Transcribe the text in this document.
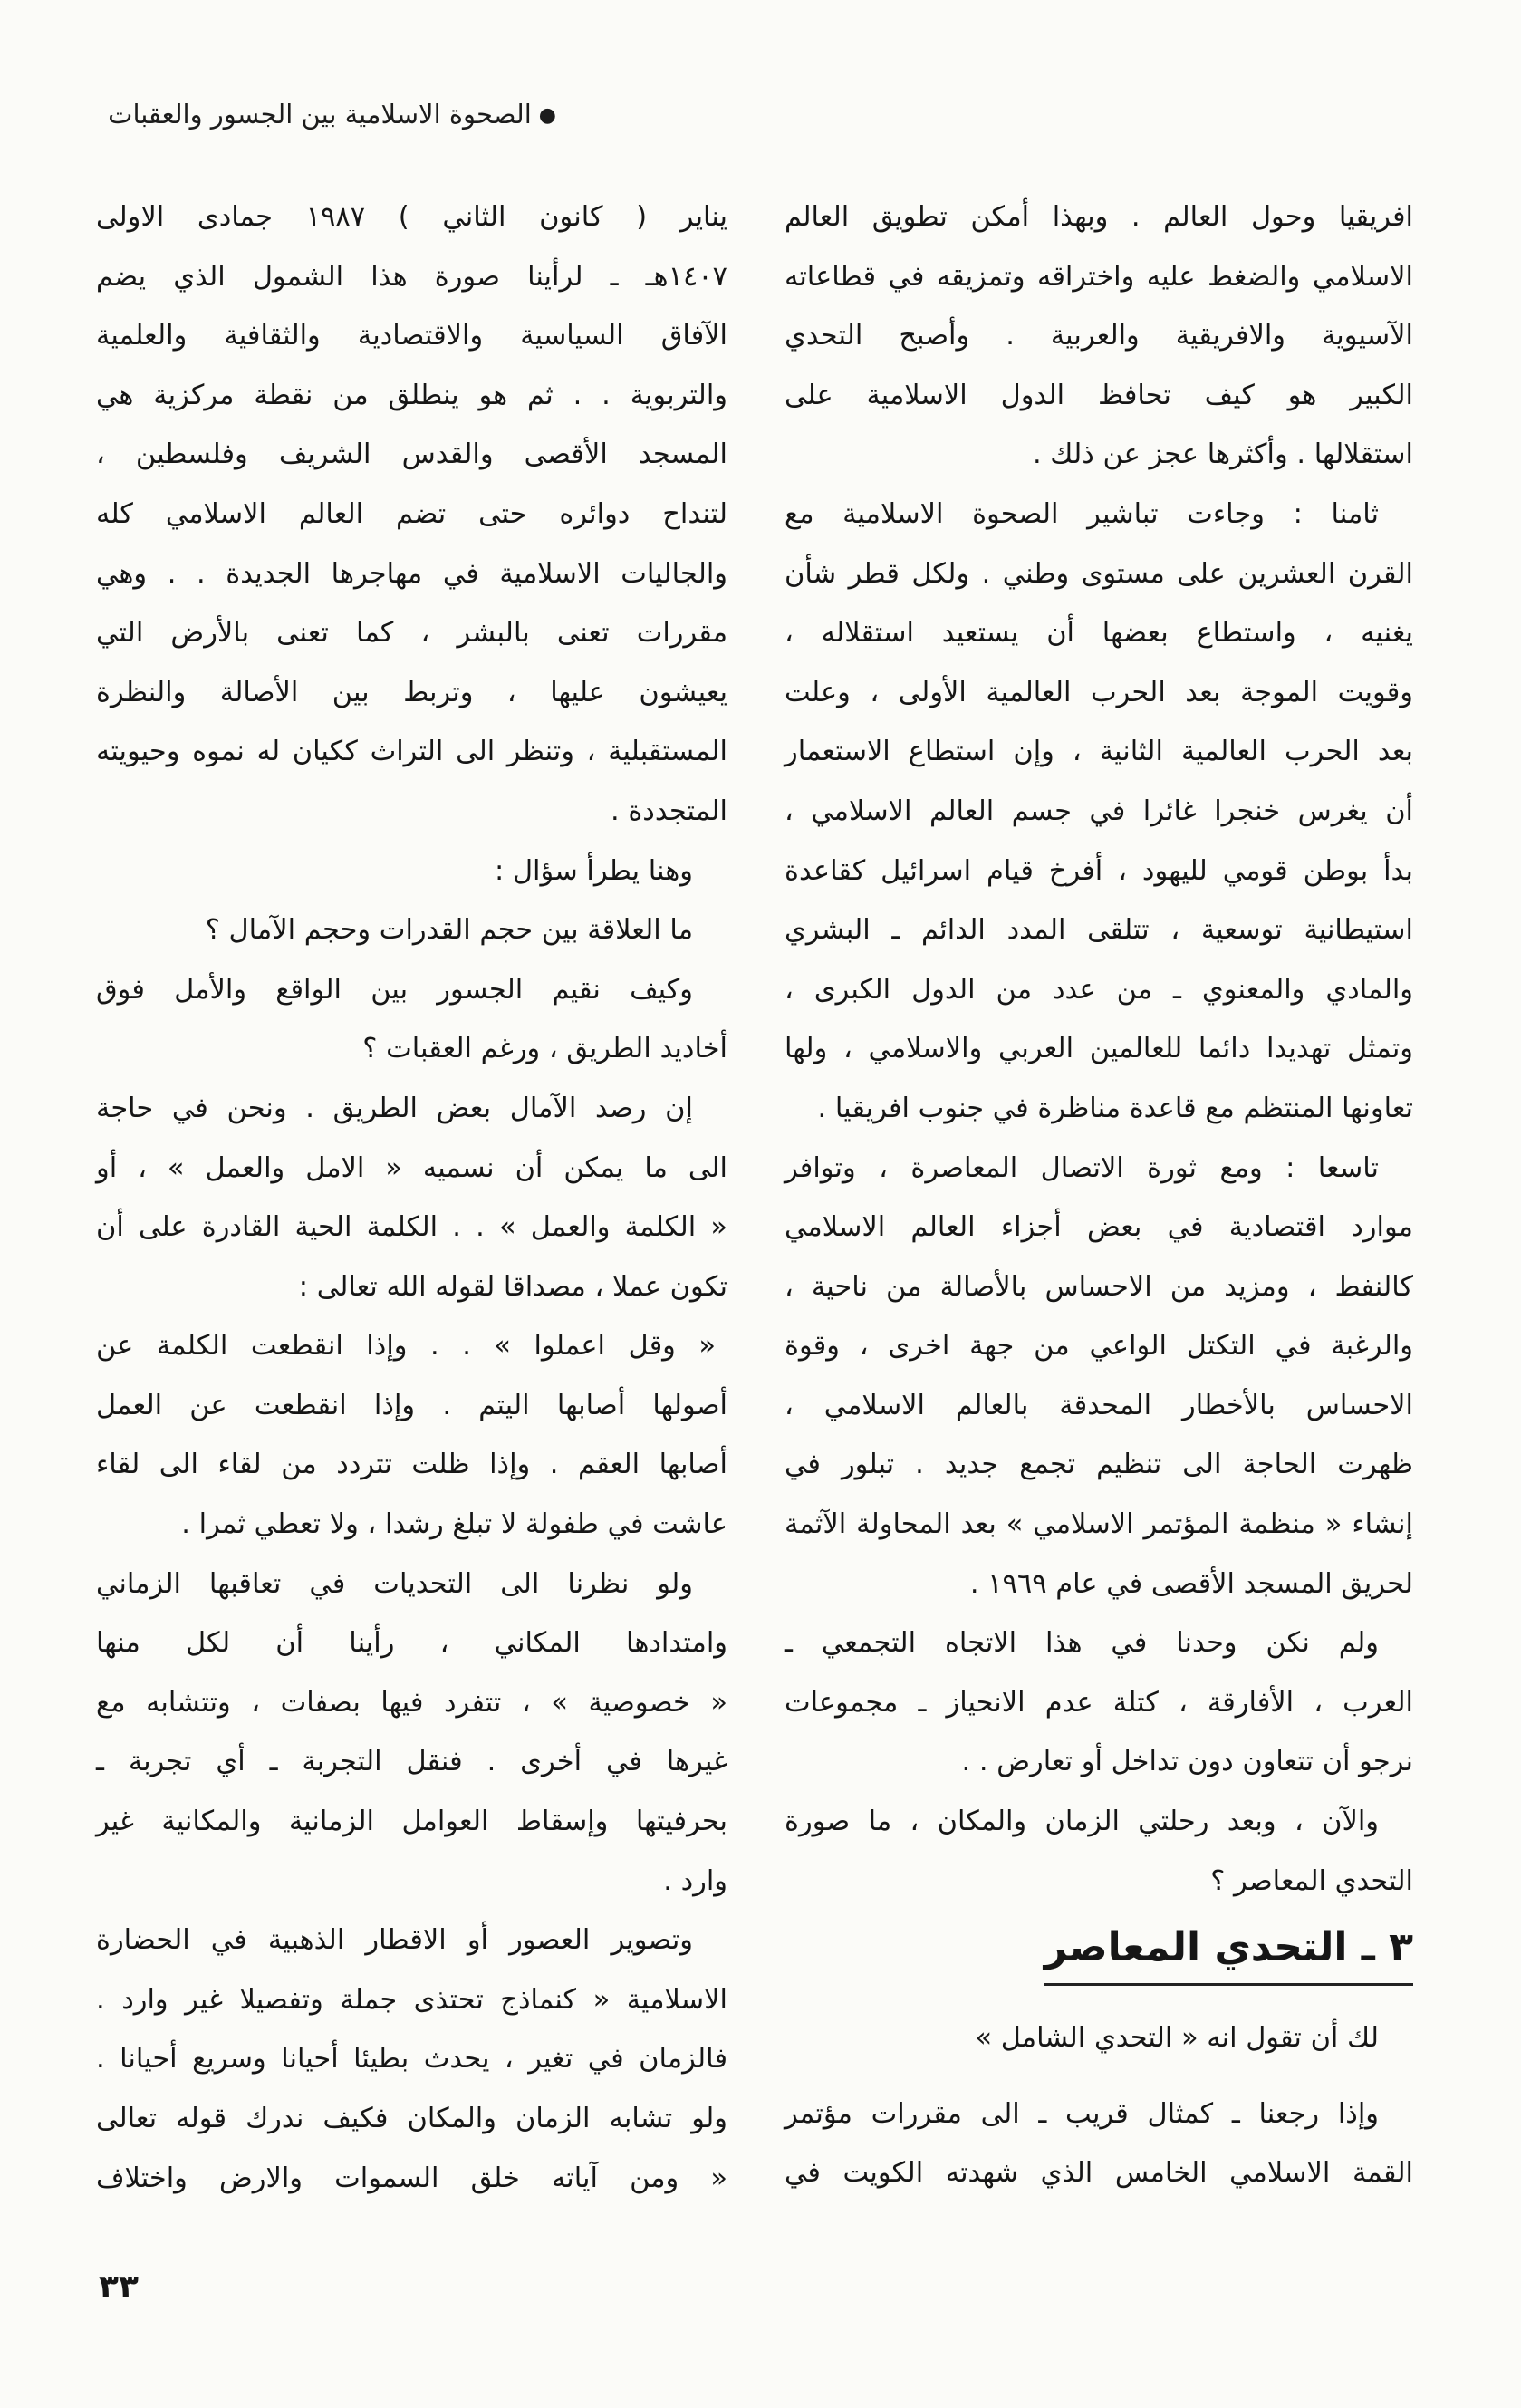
●الصحوة الاسلامية بين الجسور والعقبات
افريقيا وحول العالم . وبهذا أمكن تطويق العالم
الاسلامي والضغط عليه واختراقه وتمزيقه في قطاعاته
الآسيوية والافريقية والعربية . وأصبح التحدي
الكبير هو كيف تحافظ الدول الاسلامية على
استقلالها . وأكثرها عجز عن ذلك .
ثامنا : وجاءت تباشير الصحوة الاسلامية مع
القرن العشرين على مستوى وطني . ولكل قطر شأن
يغنيه ، واستطاع بعضها أن يستعيد استقلاله ،
وقويت الموجة بعد الحرب العالمية الأولى ، وعلت
بعد الحرب العالمية الثانية ، وإن استطاع الاستعمار
أن يغرس خنجرا غائرا في جسم العالم الاسلامي ،
بدأ بوطن قومي لليهود ، أفرخ قيام اسرائيل كقاعدة
استيطانية توسعية ، تتلقى المدد الدائم ـ البشري
والمادي والمعنوي ـ من عدد من الدول الكبرى ،
وتمثل تهديدا دائما للعالمين العربي والاسلامي ، ولها
تعاونها المنتظم مع قاعدة مناظرة في جنوب افريقيا .
تاسعا : ومع ثورة الاتصال المعاصرة ، وتوافر
موارد اقتصادية في بعض أجزاء العالم الاسلامي
كالنفط ، ومزيد من الاحساس بالأصالة من ناحية ،
والرغبة في التكتل الواعي من جهة اخرى ، وقوة
الاحساس بالأخطار المحدقة بالعالم الاسلامي ،
ظهرت الحاجة الى تنظيم تجمع جديد . تبلور في
إنشاء « منظمة المؤتمر الاسلامي » بعد المحاولة الآثمة
لحريق المسجد الأقصى في عام ١٩٦٩ .
ولم نكن وحدنا في هذا الاتجاه التجمعي ـ
العرب ، الأفارقة ، كتلة عدم الانحياز ـ مجموعات
نرجو أن تتعاون دون تداخل أو تعارض . .
والآن ، وبعد رحلتي الزمان والمكان ، ما صورة
التحدي المعاصر ؟
٣ ـ التحدي المعاصر
لك أن تقول انه « التحدي الشامل »
وإذا رجعنا ـ كمثال قريب ـ الى مقررات مؤتمر
القمة الاسلامي الخامس الذي شهدته الكويت في
يناير ( كانون الثاني ) ١٩٨٧ جمادى الاولى
١٤٠٧هـ ـ لرأينا صورة هذا الشمول الذي يضم
الآفاق السياسية والاقتصادية والثقافية والعلمية
والتربوية . . ثم هو ينطلق من نقطة مركزية هي
المسجد الأقصى والقدس الشريف وفلسطين ،
لتنداح دوائره حتى تضم العالم الاسلامي كله
والجاليات الاسلامية في مهاجرها الجديدة . . وهي
مقررات تعنى بالبشر ، كما تعنى بالأرض التي
يعيشون عليها ، وتربط بين الأصالة والنظرة
المستقبلية ، وتنظر الى التراث ككيان له نموه وحيويته
المتجددة .
وهنا يطرأ سؤال :
ما العلاقة بين حجم القدرات وحجم الآمال ؟
وكيف نقيم الجسور بين الواقع والأمل فوق
أخاديد الطريق ، ورغم العقبات ؟
إن رصد الآمال بعض الطريق . ونحن في حاجة
الى ما يمكن أن نسميه « الامل والعمل » ، أو
« الكلمة والعمل » . . الكلمة الحية القادرة على أن
تكون عملا ، مصداقا لقوله الله تعالى :
« وقل اعملوا » . . وإذا انقطعت الكلمة عن
أصولها أصابها اليتم . وإذا انقطعت عن العمل
أصابها العقم . وإذا ظلت تتردد من لقاء الى لقاء
عاشت في طفولة لا تبلغ رشدا ، ولا تعطي ثمرا .
ولو نظرنا الى التحديات في تعاقبها الزماني
وامتدادها المكاني ، رأينا أن لكل منها
« خصوصية » ، تتفرد فيها بصفات ، وتتشابه مع
غيرها في أخرى . فنقل التجربة ـ أي تجربة ـ
بحرفيتها وإسقاط العوامل الزمانية والمكانية غير
وارد .
وتصوير العصور أو الاقطار الذهبية في الحضارة
الاسلامية « كنماذج تحتذى جملة وتفصيلا غير وارد .
فالزمان في تغير ، يحدث بطيئا أحيانا وسريع أحيانا .
ولو تشابه الزمان والمكان فكيف ندرك قوله تعالى
« ومن آياته خلق السموات والارض واختلاف
٣٣
